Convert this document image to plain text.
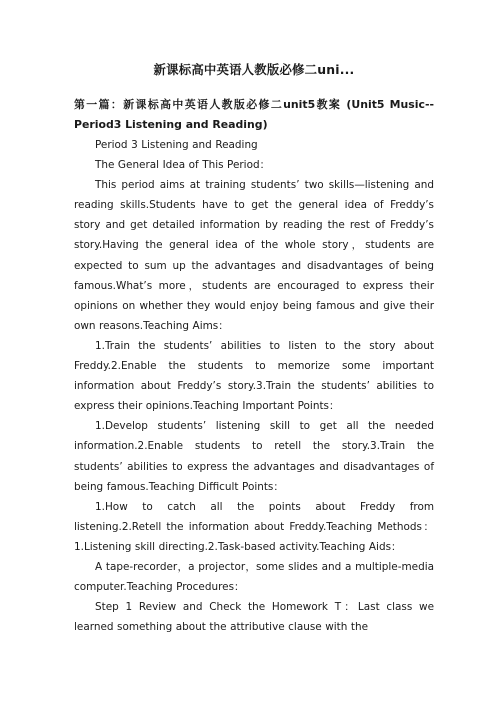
新课标高中英语人教版必修二uni...
第一篇：新课标高中英语人教版必修二unit5教案 (Unit5 Music--Period3 Listening and Reading)

Period 3 Listening and Reading

The General Idea of This Period：

This period aims at training students’ two skills—listening and reading skills.Students have to get the general idea of Freddy’s story and get detailed information by reading the rest of Freddy’s story.Having the general idea of the whole story，students are expected to sum up the advantages and disadvantages of being famous.What’s more，students are encouraged to express their opinions on whether they would enjoy being famous and give their own reasons.Teaching Aims：

1.Train the students’ abilities to listen to the story about Freddy.2.Enable the students to memorize some important information about Freddy’s story.3.Train the students’ abilities to express their opinions.Teaching Important Points：

1.Develop students’ listening skill to get all the needed information.2.Enable students to retell the story.3.Train the students’ abilities to express the advantages and disadvantages of being famous.Teaching Difficult Points：

1.How to catch all the points about Freddy from listening.2.Retell the information about Freddy.Teaching Methods： 1.Listening skill directing.2.Task-based activity.Teaching Aids：

A tape-recorder，a projector，some slides and a multiple-media computer.Teaching Procedures：

Step 1 Review and Check the Homework T：Last class we learned something about the attributive clause with the
